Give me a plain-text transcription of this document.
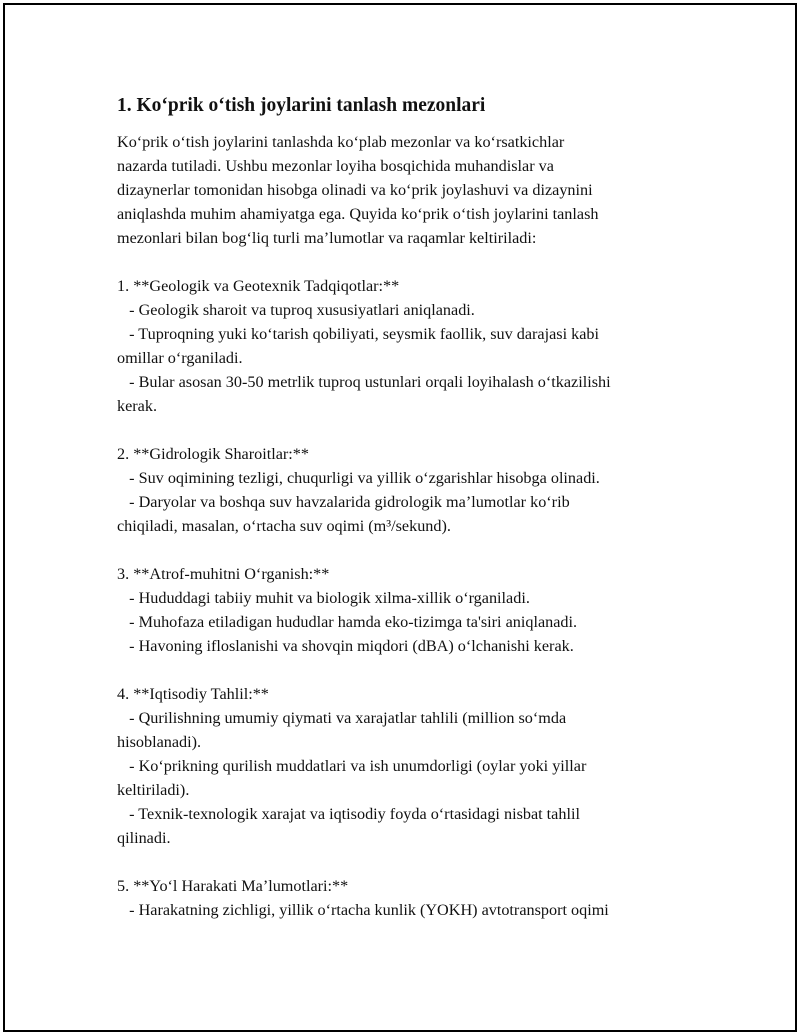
1. Ko‘prik o‘tish joylarini tanlash mezonlari
Ko‘prik o‘tish joylarini tanlashda ko‘plab mezonlar va ko‘rsatkichlar
nazarda tutiladi. Ushbu mezonlar loyiha bosqichida muhandislar va
dizaynerlar tomonidan hisobga olinadi va ko‘prik joylashuvi va dizaynini
aniqlashda muhim ahamiyatga ega. Quyida ko‘prik o‘tish joylarini tanlash
mezonlari bilan bog‘liq turli ma’lumotlar va raqamlar keltiriladi:
1. **Geologik va Geotexnik Tadqiqotlar:**
- Geologik sharoit va tuproq xususiyatlari aniqlanadi.
- Tuproqning yuki ko‘tarish qobiliyati, seysmik faollik, suv darajasi kabi
omillar o‘rganiladi.
- Bular asosan 30-50 metrlik tuproq ustunlari orqali loyihalash o‘tkazilishi
kerak.
2. **Gidrologik Sharoitlar:**
- Suv oqimining tezligi, chuqurligi va yillik o‘zgarishlar hisobga olinadi.
- Daryolar va boshqa suv havzalarida gidrologik ma’lumotlar ko‘rib
chiqiladi, masalan, o‘rtacha suv oqimi (m³/sekund).
3. **Atrof-muhitni O‘rganish:**
- Hududdagi tabiiy muhit va biologik xilma-xillik o‘rganiladi.
- Muhofaza etiladigan hududlar hamda eko-tizimga ta'siri aniqlanadi.
- Havoning ifloslanishi va shovqin miqdori (dBA) o‘lchanishi kerak.
4. **Iqtisodiy Tahlil:**
- Qurilishning umumiy qiymati va xarajatlar tahlili (million so‘mda
hisoblanadi).
- Ko‘prikning qurilish muddatlari va ish unumdorligi (oylar yoki yillar
keltiriladi).
- Texnik-texnologik xarajat va iqtisodiy foyda o‘rtasidagi nisbat tahlil
qilinadi.
5. **Yo‘l Harakati Ma’lumotlari:**
- Harakatning zichligi, yillik o‘rtacha kunlik (YOKH) avtotransport oqimi
